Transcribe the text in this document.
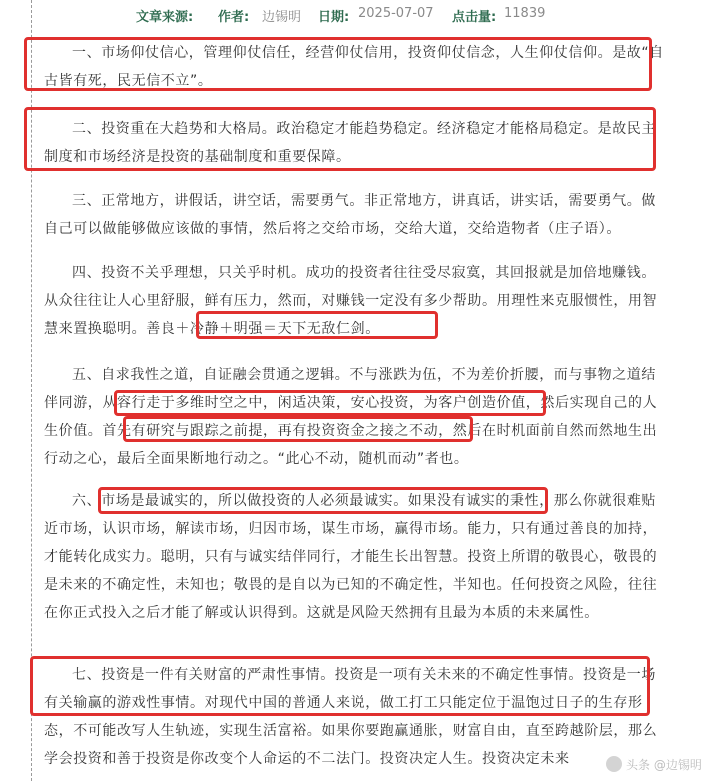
文章来源: 作者: 边锡明 日期: 2025-07-07 点击量: 11839

一、市场仰仗信心，管理仰仗信任，经营仰仗信用，投资仰仗信念，人生仰仗信仰。是故“自古皆有死，民无信不立”。

二、投资重在大趋势和大格局。政治稳定才能趋势稳定。经济稳定才能格局稳定。是故民主制度和市场经济是投资的基础制度和重要保障。

三、正常地方，讲假话，讲空话，需要勇气。非正常地方，讲真话，讲实话，需要勇气。做自己可以做能够做应该做的事情，然后将之交给市场，交给大道，交给造物者（庄子语）。

四、投资不关乎理想，只关乎时机。成功的投资者往往受尽寂寞，其回报就是加倍地赚钱。从众往往让人心里舒服，鲜有压力，然而，对赚钱一定没有多少帮助。用理性来克服惯性，用智慧来置换聪明。善良＋冷静＋明强＝天下无敌仁剑。

五、自求我性之道，自证融会贯通之逻辑。不与涨跌为伍，不为差价折腰，而与事物之道结伴同游，从容行走于多维时空之中，闲适决策，安心投资，为客户创造价值，然后实现自己的人生价值。首先有研究与跟踪之前提，再有投资资金之接之不动，然后在时机面前自然而然地生出行动之心，最后全面果断地行动之。“此心不动，随机而动”者也。

六、市场是最诚实的，所以做投资的人必须最诚实。如果没有诚实的秉性，那么你就很难贴近市场，认识市场，解读市场，归因市场，谋生市场，赢得市场。能力，只有通过善良的加持，才能转化成实力。聪明，只有与诚实结伴同行，才能生长出智慧。投资上所谓的敬畏心，敬畏的是未来的不确定性，未知也；敬畏的是自以为已知的不确定性，半知也。任何投资之风险，往往在你正式投入之后才能了解或认识得到。这就是风险天然拥有且最为本质的未来属性。

七、投资是一件有关财富的严肃性事情。投资是一项有关未来的不确定性事情。投资是一场有关输赢的游戏性事情。对现代中国的普通人来说，做工打工只能定位于温饱过日子的生存形态，不可能改写人生轨迹，实现生活富裕。如果你要跑赢通胀，财富自由，直至跨越阶层，那么学会投资和善于投资是你改变个人命运的不二法门。投资决定人生。投资决定未来	头条 @边锡明
